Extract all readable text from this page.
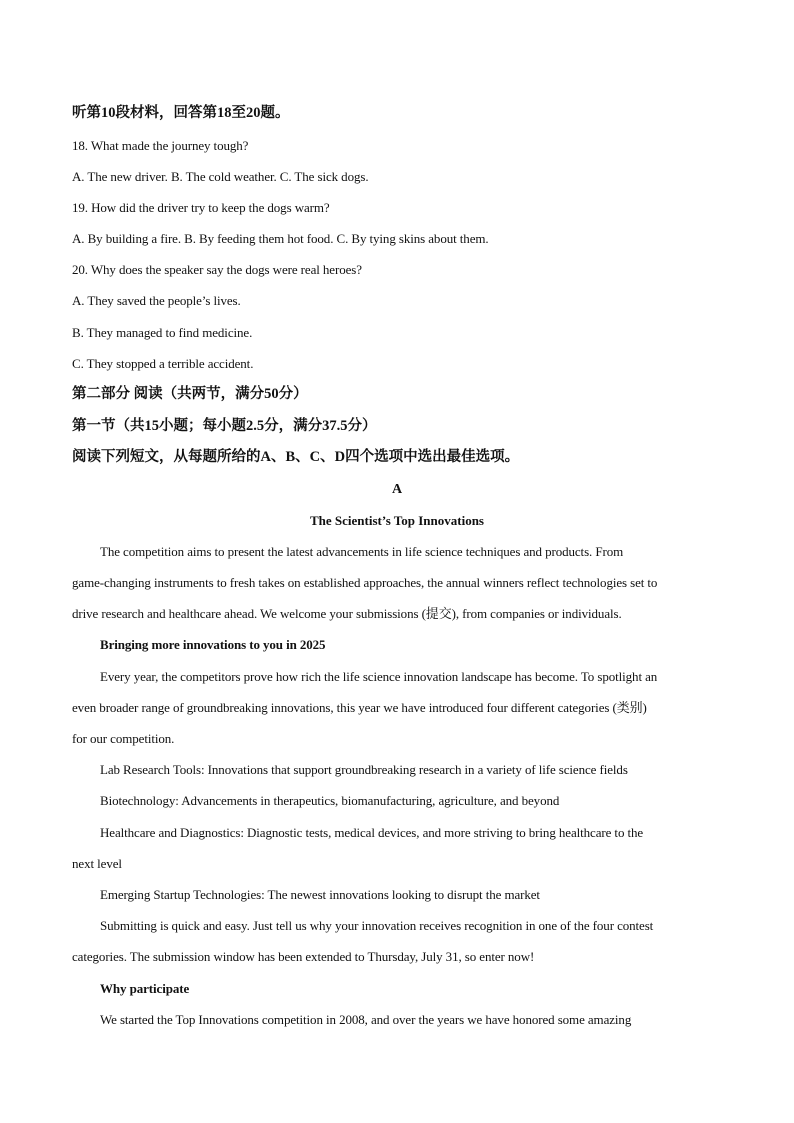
听第10段材料，回答第18至20题。
18. What made the journey tough?
A. The new driver. B. The cold weather. C. The sick dogs.
19. How did the driver try to keep the dogs warm?
A. By building a fire. B. By feeding them hot food. C. By tying skins about them.
20. Why does the speaker say the dogs were real heroes?
A. They saved the people’s lives.
B. They managed to find medicine.
C. They stopped a terrible accident.
第二部分 阅读（共两节，满分50分）
第一节（共15小题；每小题2.5分，满分37.5分）
阅读下列短文，从每题所给的A、B、C、D四个选项中选出最佳选项。
A
The Scientist’s Top Innovations
The competition aims to present the latest advancements in life science techniques and products. From
game-changing instruments to fresh takes on established approaches, the annual winners reflect technologies set to
drive research and healthcare ahead. We welcome your submissions (提交), from companies or individuals.
Bringing more innovations to you in 2025
Every year, the competitors prove how rich the life science innovation landscape has become. To spotlight an
even broader range of groundbreaking innovations, this year we have introduced four different categories (类别)
for our competition.
Lab Research Tools: Innovations that support groundbreaking research in a variety of life science fields
Biotechnology: Advancements in therapeutics, biomanufacturing, agriculture, and beyond
Healthcare and Diagnostics: Diagnostic tests, medical devices, and more striving to bring healthcare to the
next level
Emerging Startup Technologies: The newest innovations looking to disrupt the market
Submitting is quick and easy. Just tell us why your innovation receives recognition in one of the four contest
categories. The submission window has been extended to Thursday, July 31, so enter now!
Why participate
We started the Top Innovations competition in 2008, and over the years we have honored some amazing
